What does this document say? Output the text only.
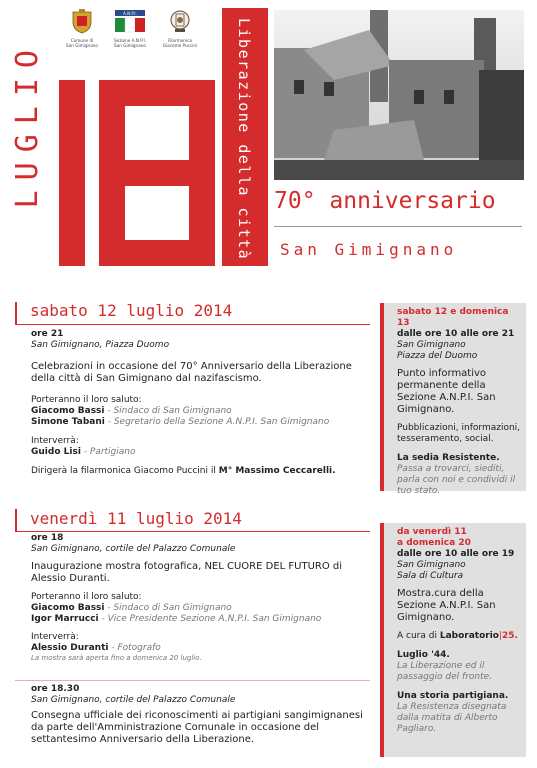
Comune di
San Gimignano
A.N.P.I.
Sezione A.N.P.I.
San Gimignano
Filarmonica
Giacomo Puccini
LUGLIO	Liberazione della città di 70° anniversario
San Gimignano
sabato 12 luglio 2014
ore 21
San Gimignano, Piazza Duomo
Celebrazioni in occasione del 70° Anniversario della Liberazione della città di San Gimignano dal nazifascismo.
Porteranno il loro saluto:
Giacomo Bassi - Sindaco di San Gimignano
Simone Tabani - Segretario della Sezione A.N.P.I. San Gimignano
Interverrà:
Guido Lisi - Partigiano
Dirigerà la filarmonica Giacomo Puccini il M° Massimo Ceccarelli.
venerdì 11 luglio 2014
ore 18
San Gimignano, cortile del Palazzo Comunale
Inaugurazione mostra fotografica, NEL CUORE DEL FUTURO di Alessio Duranti.
Porteranno il loro saluto:
Giacomo Bassi - Sindaco di San Gimignano
Igor Marrucci - Vice Presidente Sezione A.N.P.I. San Gimignano
Interverrà:
Alessio Duranti - Fotografo
La mostra sarà aperta fino a domenica 20 luglio.
ore 18.30
San Gimignano, cortile del Palazzo Comunale
Consegna ufficiale dei riconoscimenti ai partigiani sangimignanesi da parte dell'Amministrazione Comunale in occasione del settantesimo Anniversario della Liberazione.
sabato 12 e domenica 13
dalle ore 10 alle ore 21
San Gimignano
Piazza del Duomo
Punto informativo permanente della Sezione A.N.P.I. San Gimignano.
Pubblicazioni, informazioni, tesseramento, social.
La sedia Resistente.
Passa a trovarci, siediti, parla con noi e condividi il tuo stato.
da venerdì 11
a domenica 20
dalle ore 10 alle ore 19
San Gimignano
Sala di Cultura
Mostra.cura della Sezione A.N.P.I. San Gimignano.
A cura di Laboratorio|25.
Luglio '44.
La Liberazione ed il passaggio del fronte.
Una storia partigiana.
La Resistenza disegnata dalla matita di Alberto Pagliaro.
